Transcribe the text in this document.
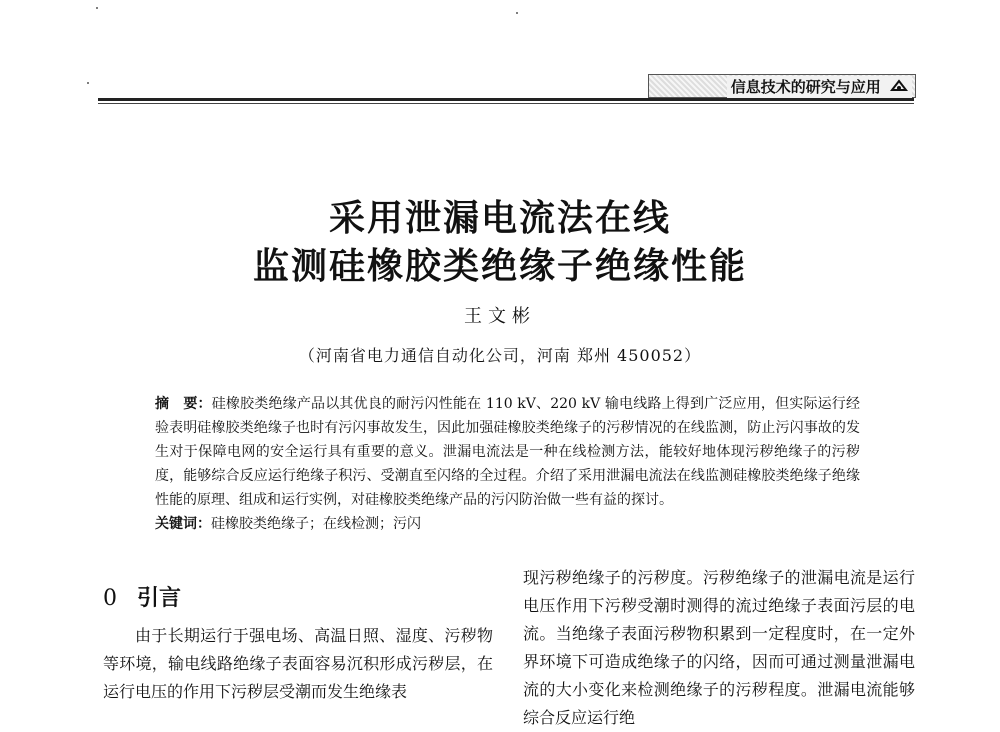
信息技术的研究与应用
采用泄漏电流法在线
监测硅橡胶类绝缘子绝缘性能
王文彬
（河南省电力通信自动化公司，河南 郑州 450052）
摘　要：硅橡胶类绝缘产品以其优良的耐污闪性能在 110 kV、220 kV 输电线路上得到广泛应用，但实际运行经验表明硅橡胶类绝缘子也时有污闪事故发生，因此加强硅橡胶类绝缘子的污秽情况的在线监测，防止污闪事故的发生对于保障电网的安全运行具有重要的意义。泄漏电流法是一种在线检测方法，能较好地体现污秽绝缘子的污秽度，能够综合反应运行绝缘子积污、受潮直至闪络的全过程。介绍了采用泄漏电流法在线监测硅橡胶类绝缘子绝缘性能的原理、组成和运行实例，对硅橡胶类绝缘产品的污闪防治做一些有益的探讨。
关键词：硅橡胶类绝缘子；在线检测；污闪
0 引言
由于长期运行于强电场、高温日照、湿度、污秽物等环境，输电线路绝缘子表面容易沉积形成污秽层，在运行电压的作用下污秽层受潮而发生绝缘表
现污秽绝缘子的污秽度。污秽绝缘子的泄漏电流是运行电压作用下污秽受潮时测得的流过绝缘子表面污层的电流。当绝缘子表面污秽物积累到一定程度时，在一定外界环境下可造成绝缘子的闪络，因而可通过测量泄漏电流的大小变化来检测绝缘子的污秽程度。泄漏电流能够综合反应运行绝
